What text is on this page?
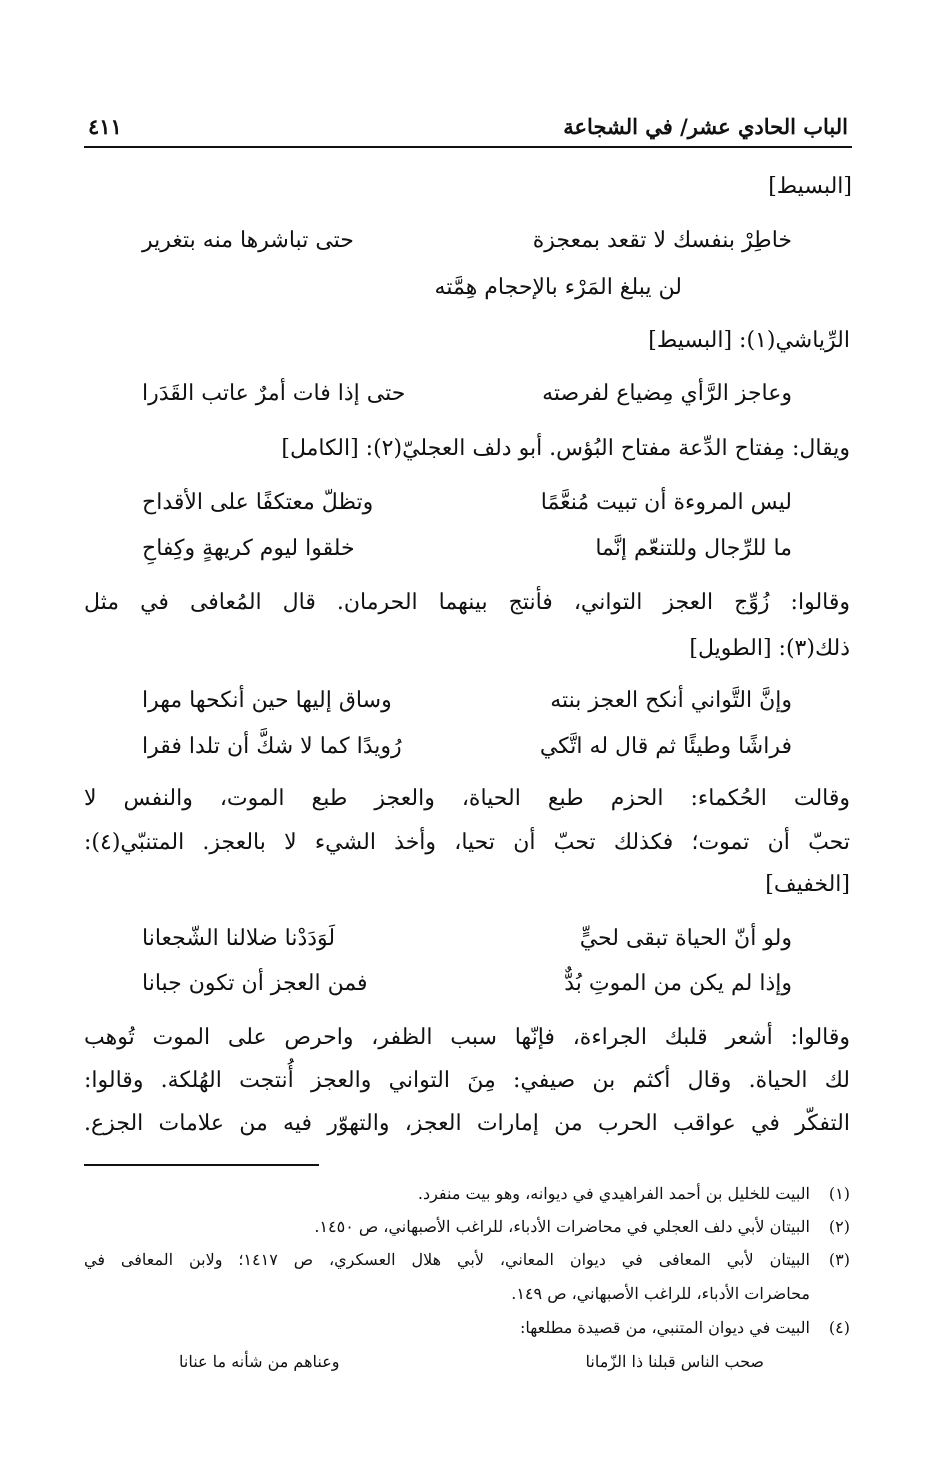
الباب الحادي عشر/ في الشجاعة
٤١١
[البسيط]
خاطِرْ بنفسك لا تقعد بمعجزة
حتى تباشرها منه بتغرير
لن يبلغ المَرْء بالإحجام هِمَّته
الرِّياشي(١): [البسيط]
وعاجز الرَّأي مِضياع لفرصته
حتى إذا فات أمرٌ عاتب القَدَرا
ويقال: مِفتاح الدِّعة مفتاح البُؤس. أبو دلف العجليّ(٢): [الكامل]
ليس المروءة أن تبيت مُنعَّمًا
وتظلّ معتكفًا على الأقداح
ما للرِّجال وللتنعّم إنَّما
خلقوا ليوم كريهةٍ وكِفاحِ
وقالوا: زُوِّج العجز التواني، فأنتج بينهما الحرمان. قال المُعافى في مثل
ذلك(٣): [الطويل]
وإنَّ التَّواني أنكح العجز بنته
وساق إليها حين أنكحها مهرا
فراشًا وطيئًا ثم قال له اتَّكي
رُويدًا كما لا شكَّ أن تلدا فقرا
وقالت الحُكماء: الحزم طبع الحياة، والعجز طبع الموت، والنفس لا
تحبّ أن تموت؛ فكذلك تحبّ أن تحيا، وأخذ الشيء لا بالعجز. المتنبّي(٤):
[الخفيف]
ولو أنّ الحياة تبقى لحيٍّ
لَوَدَدْنا ضلالنا الشّجعانا
وإذا لم يكن من الموتِ بُدٌّ
فمن العجز أن تكون جبانا
وقالوا: أشعر قلبك الجراءة، فإنّها سبب الظفر، واحرص على الموت تُوهب
لك الحياة. وقال أكثم بن صيفي: مِنَ التواني والعجز أُنتجت الهُلكة. وقالوا:
التفكّر في عواقب الحرب من إمارات العجز، والتهوّر فيه من علامات الجزع.
(١)
البيت للخليل بن أحمد الفراهيدي في ديوانه، وهو بيت منفرد.
(٢)
البيتان لأبي دلف العجلي في محاضرات الأدباء، للراغب الأصبهاني، ص ١٤٥٠.
(٣)
البيتان لأبي المعافى في ديوان المعاني، لأبي هلال العسكري، ص ١٤١٧؛ ولابن المعافى في
محاضرات الأدباء، للراغب الأصبهاني، ص ١٤٩.
(٤)
البيت في ديوان المتنبي، من قصيدة مطلعها:
صحب الناس قبلنا ذا الزّمانا
وعناهم من شأنه ما عنانا
